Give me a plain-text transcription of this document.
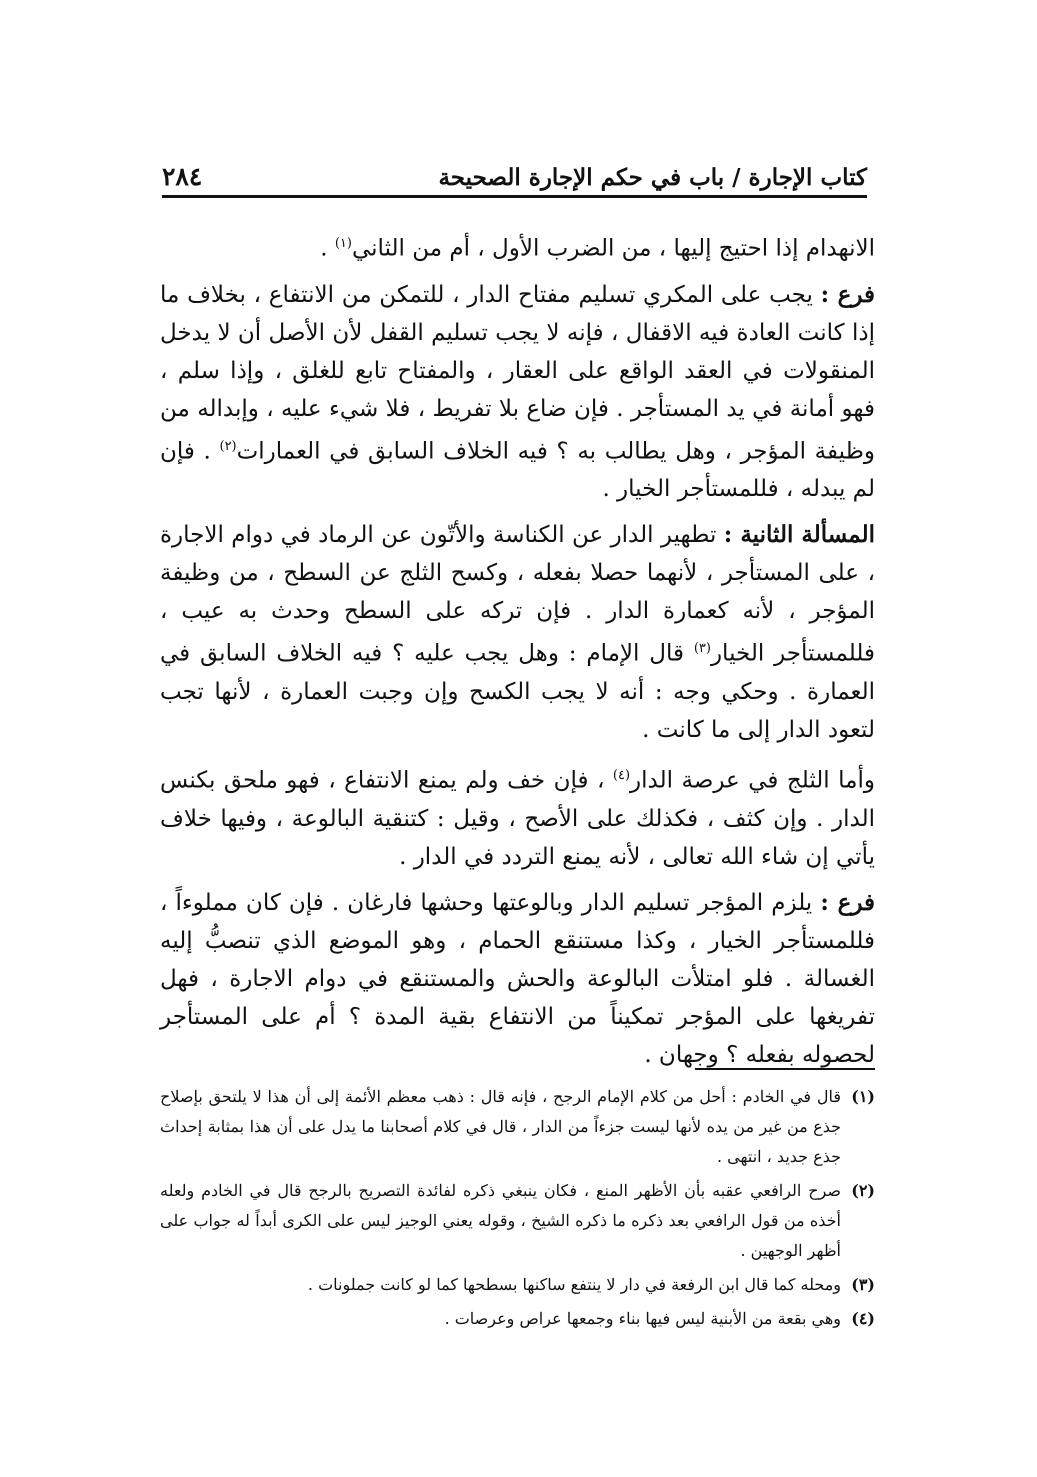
كتاب الإجارة / باب في حكم الإجارة الصحيحة
٢٨٤

الانهدام إذا احتيج إليها ، من الضرب الأول ، أم من الثاني$^{(١)}$ .

فرع : يجب على المكري تسليم مفتاح الدار ، للتمكن من الانتفاع ، بخلاف ما إذا كانت العادة فيه الاقفال ، فإنه لا يجب تسليم القفل لأن الأصل أن لا يدخل المنقولات في العقد الواقع على العقار ، والمفتاح تابع للغلق ، وإذا سلم ، فهو أمانة في يد المستأجر . فإن ضاع بلا تفريط ، فلا شيء عليه ، وإبداله من وظيفة المؤجر ، وهل يطالب به ؟ فيه الخلاف السابق في العمارات$^{(٢)}$ . فإن لم يبدله ، فللمستأجر الخيار .

المسألة الثانية : تطهير الدار عن الكناسة والأتّون عن الرماد في دوام الاجارة ، على المستأجر ، لأنهما حصلا بفعله ، وكسح الثلج عن السطح ، من وظيفة المؤجر ، لأنه كعمارة الدار . فإن تركه على السطح وحدث به عيب ، فللمستأجر الخيار$^{(٣)}$ قال الإمام : وهل يجب عليه ؟ فيه الخلاف السابق في العمارة . وحكي وجه : أنه لا يجب الكسح وإن وجبت العمارة ، لأنها تجب لتعود الدار إلى ما كانت .

وأما الثلج في عرصة الدار$^{(٤)}$ ، فإن خف ولم يمنع الانتفاع ، فهو ملحق بكنس الدار . وإن كثف ، فكذلك على الأصح ، وقيل : كتنقية البالوعة ، وفيها خلاف يأتي إن شاء الله تعالى ، لأنه يمنع التردد في الدار .

فرع : يلزم المؤجر تسليم الدار وبالوعتها وحشها فارغان . فإن كان مملوءاً ، فللمستأجر الخيار ، وكذا مستنقع الحمام ، وهو الموضع الذي تنصبُّ إليه الغسالة . فلو امتلأت البالوعة والحش والمستنقع في دوام الاجارة ، فهل تفريغها على المؤجر تمكيناً من الانتفاع بقية المدة ؟ أم على المستأجر لحصوله بفعله ؟ وجهان .

(١)
قال في الخادم : أحل من كلام الإمام الرجح ، فإنه قال : ذهب معظم الأئمة إلى أن هذا لا يلتحق بإصلاح جذع من غير من يده لأنها ليست جزءاً من الدار ، قال في كلام أصحابنا ما يدل على أن هذا بمثابة إحداث جذع جديد ، انتهى .
(٢)
صرح الرافعي عقبه بأن الأظهر المنع ، فكان ينبغي ذكره لفائدة التصريح بالرجح قال في الخادم ولعله أخذه من قول الرافعي بعد ذكره ما ذكره الشيخ ، وقوله يعني الوجيز ليس على الكرى أبداً له جواب على أظهر الوجهين .
(٣)
ومحله كما قال ابن الرفعة في دار لا ينتفع ساكنها بسطحها كما لو كانت جملونات .
(٤)
وهي بقعة من الأبنية ليس فيها بناء وجمعها عراص وعرصات .
